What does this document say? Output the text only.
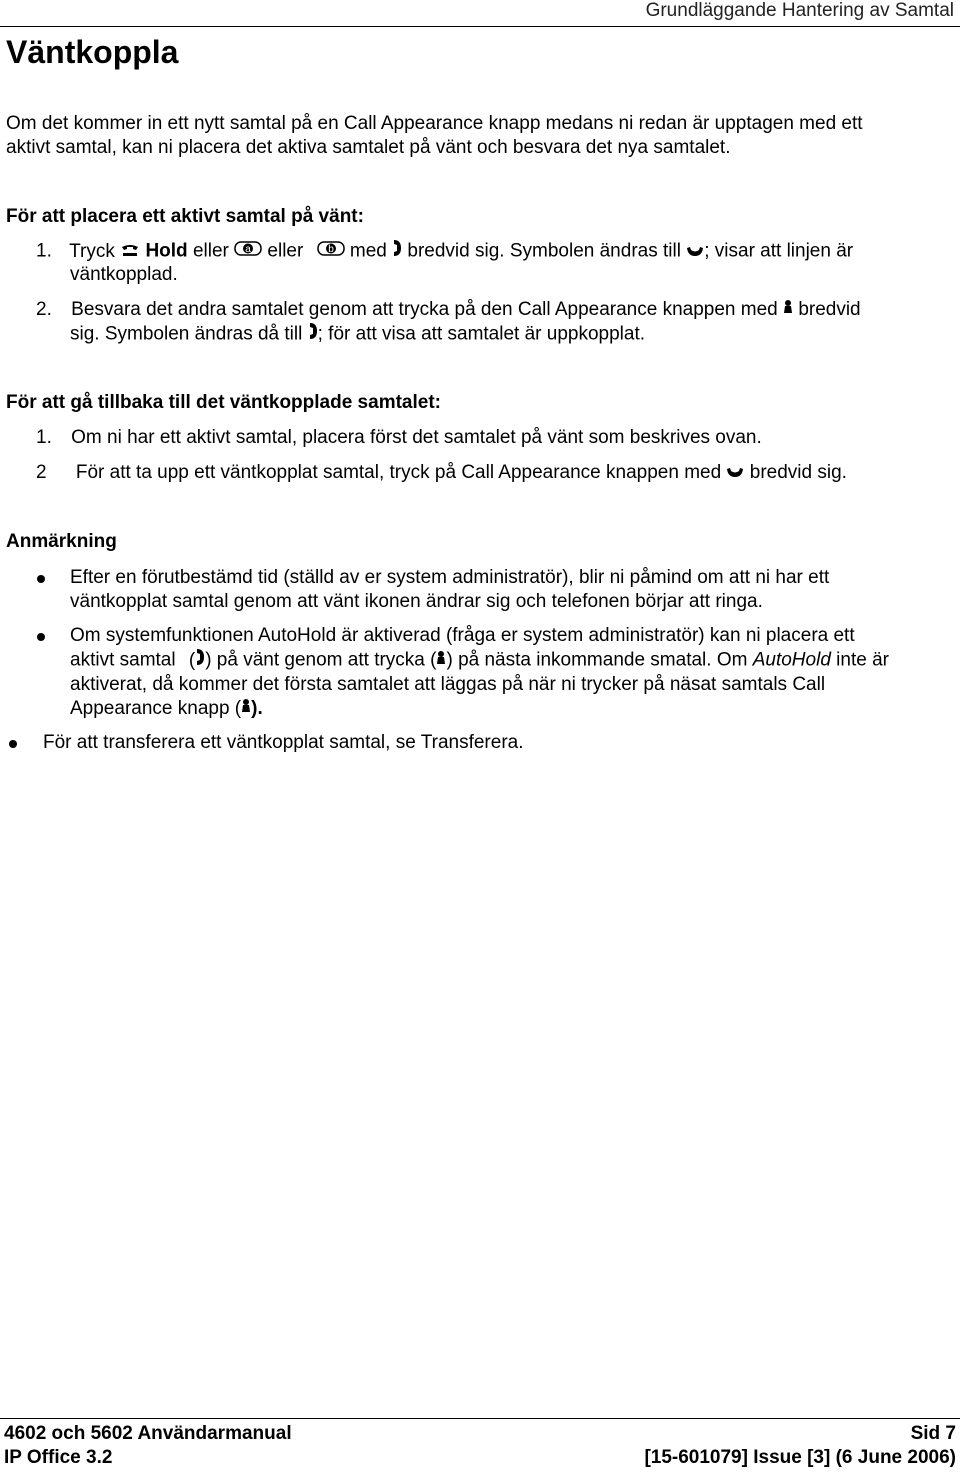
Grundläggande Hantering av Samtal
Väntkoppla
Om det kommer in ett nytt samtal på en Call Appearance knapp medans ni redan är upptagen med ett
aktivt samtal, kan ni placera det aktiva samtalet på vänt och besvara det nya samtalet.
För att placera ett aktivt samtal på vänt:
1. Tryck Hold eller a eller b med bredvid sig. Symbolen ändras till ; visar att linjen är
väntkopplad.
2. Besvara det andra samtalet genom att trycka på den Call Appearance knappen med bredvid
sig. Symbolen ändras då till ; för att visa att samtalet är uppkopplat.
För att gå tillbaka till det väntkopplade samtalet:
1. Om ni har ett aktivt samtal, placera först det samtalet på vänt som beskrives ovan.
2 För att ta upp ett väntkopplat samtal, tryck på Call Appearance knappen med bredvid sig.
Anmärkning
Efter en förutbestämd tid (ställd av er system administratör), blir ni påmind om att ni har ett
väntkopplat samtal genom att vänt ikonen ändrar sig och telefonen börjar att ringa.
Om systemfunktionen AutoHold är aktiverad (fråga er system administratör) kan ni placera ett
aktivt samtal ( ) på vänt genom att trycka ( ) på nästa inkommande smatal. Om AutoHold inte är
aktiverat, då kommer det första samtalet att läggas på när ni trycker på näsat samtals Call
Appearance knapp ( ).
För att transferera ett väntkopplat samtal, se Transferera.
4602 och 5602 Användarmanual	Sid 7
IP Office 3.2	[15-601079] Issue [3] (6 June 2006)
